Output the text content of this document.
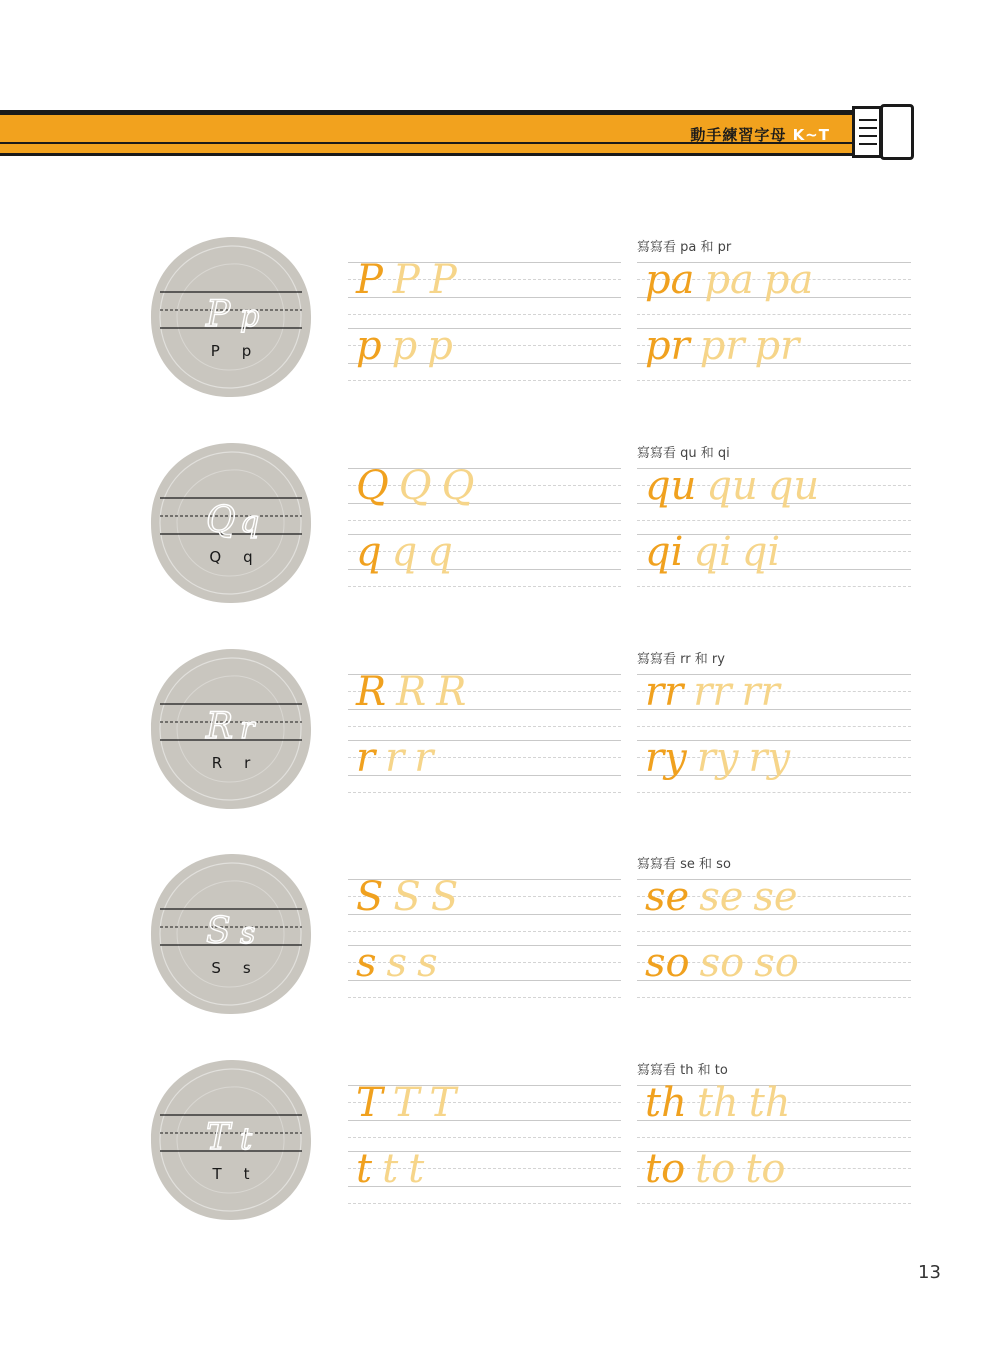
動手練習字母 K~T
P p
P p
P P P
p p p
寫寫看 pa 和 pr
pa pa pa
pr pr pr
Q q
Q q
Q Q Q
q q q
寫寫看 qu 和 qi
qu qu qu
qi qi qi
R r
R r
R R R
r r r
寫寫看 rr 和 ry
rr rr rr
ry ry ry
S s
S s
S S S
s s s
寫寫看 se 和 so
se se se
so so so
T t
T t
T T T
t t t
寫寫看 th 和 to
th th th
to to to
13
